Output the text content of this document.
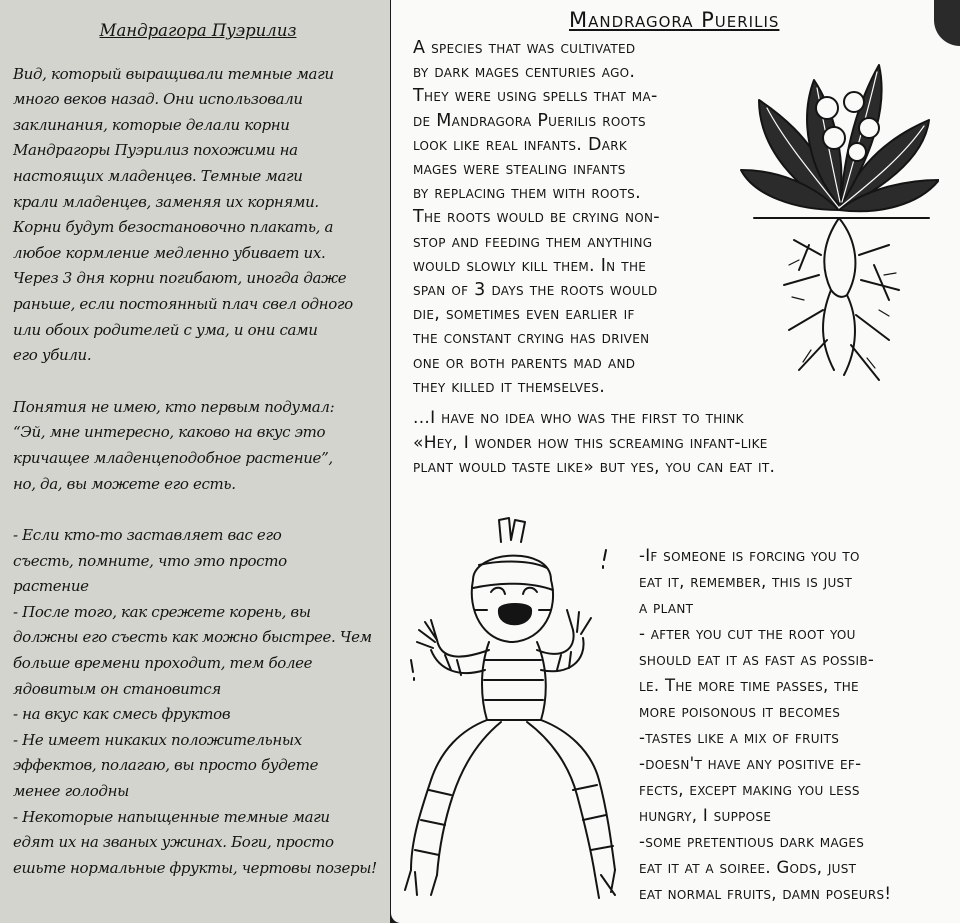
Мандрагора Пуэрилиз

Вид, который выращивали темные маги
много веков назад. Они использовали
заклинания, которые делали корни
Мандрагоры Пуэрилиз похожими на
настоящих младенцев. Темные маги
крали младенцев, заменяя их корнями.
Корни будут безостановочно плакать, а
любое кормление медленно убивает их.
Через 3 дня корни погибают, иногда даже
раньше, если постоянный плач свел одного
или обоих родителей с ума, и они сами
его убили.

Понятия не имею, кто первым подумал:
“Эй, мне интересно, каково на вкус это
кричащее младенцеподобное растение”,
но, да, вы можете его есть.

- Если кто-то заставляет вас его
съесть, помните, что это просто
растение
- После того, как срежете корень, вы
должны его съесть как можно быстрее. Чем
больше времени проходит, тем более
ядовитым он становится
- на вкус как смесь фруктов
- Не имеет никаких положительных
эффектов, полагаю, вы просто будете
менее голодны
- Некоторые напыщенные темные маги
едят их на званых ужинах. Боги, просто
ешьте нормальные фрукты, чертовы позеры!

Mandragora Puerilis
A species that was cultivated
by dark mages centuries ago.
They were using spells that ma-
de Mandragora Puerilis roots
look like real infants. Dark
mages were stealing infants
by replacing them with roots.
The roots would be crying non-
stop and feeding them anything
would slowly kill them. In the
span of 3 days the roots would
die, sometimes even earlier if
the constant crying has driven
one or both parents mad and
they killed it themselves.
...I have no idea who was the first to think
«Hey, I wonder how this screaming infant-like
plant would taste like» but yes, you can eat it.
-If someone is forcing you to
eat it, remember, this is just
a plant
- after you cut the root you
should eat it as fast as possib-
le. The more time passes, the
more poisonous it becomes
-tastes like a mix of fruits
-doesn't have any positive ef-
fects, except making you less
hungry, I suppose
-some pretentious dark mages
eat it at a soiree. Gods, just
eat normal fruits, damn poseurs!
